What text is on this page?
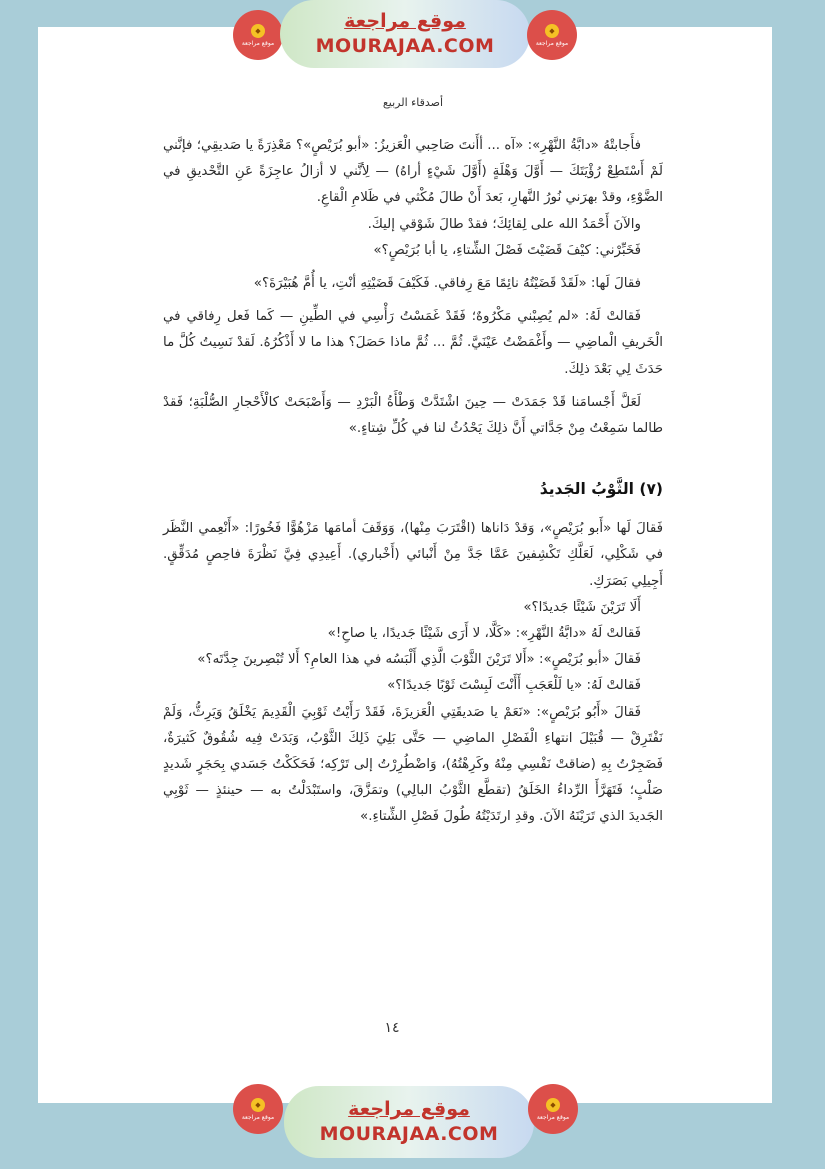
◆
موقع مراجعة
موقع مراجعة
MOURAJAA.COM
◆
موقع مراجعة
أصدقاء الربيع

فأَجابتْهُ «دابَّةُ النَّهْرِ»: «آه ... أأَنتَ صَاحِبي الْعَزيزُ: «أبو بُرَيْصٍ»؟ مَعْذِرَةً يا صَديقِي؛ فإنَّني لَمْ أَسْتَطِعْ رُؤْيَتَكَ — أَوَّلَ وَهْلَةٍ (أَوَّلَ شَيْءٍ أراهُ) — لِأنَّني لا أزالُ عاجِزَةً عَنِ التَّحْديقِ في الضَّوْءِ، وقدْ بهرَني نُورُ النَّهارِ، بَعدَ أَنْ طالَ مُكْثي في ظَلامِ الْقاعِ.

والآنَ أَحْمَدُ الله على لِقائِكَ؛ فقدْ طالَ شَوْقي إليكَ.

فَخَبِّرْني: كيْفَ قَضَيْتَ فَصْلَ الشِّتاءِ، يا أبا بُرَيْصٍ؟»

فقالَ لَها: «لَقَدْ قَضَيْتُهُ نائِمًا مَعَ رِفاقي. فَكَيْفَ قَضَيْتِهِ أنْتِ، يا أُمَّ هُبَيْرَةَ؟»

فَقالتْ لَهُ: «لم يُصِبْني مَكْرُوهٌ؛ فَقَدْ غَمَسْتُ رَأْسِي في الطِّينِ — كَما فَعل رِفاقي في الْخَريفِ الْماضِي — وأَغْمَضْتُ عَيْنَيَّ. ثُمَّ ... ثُمَّ ماذا حَصَلَ؟ هذا ما لا أَذْكُرُهُ. لَقدْ نَسِيتُ كُلَّ ما حَدَثَ لِي بَعْدَ ذلِكَ.

لَعَلَّ أَجْسامَنا قَدْ جَمَدَتْ — حِينَ اشْتَدَّتْ وَطْأَةُ الْبَرْدِ — وَأَصْبَحَتْ كالْأَحْجارِ الصُّلْبَةِ؛ فَقدْ طالما سَمِعْتُ مِنْ جَدَّاتي أَنَّ ذلِكَ يَحْدُثُ لنا في كُلِّ شِتاءٍ.»

(٧) الثَّوْبُ الجَديدُ

فَقالَ لَها «أَبو بُرَيْصٍ»، وَقدْ دَاناها (اقْتَرَبَ مِنْها)، وَوَقَفَ أمامَها مَزْهُوًّا فَخُورًا: «أَنْعِمي النَّظَر في شَكْلِي، لَعَلَّكِ تَكْشِفينَ عَمَّا جَدَّ مِنْ أَنْبائي (أَخْباري). أَعِيدِي فِيَّ نَظْرَةَ فاحِصٍ مُدَقِّقٍ. أَجِيلِي بَصَرَكِ.

أَلَا تَرَيْنَ شَيْئًا جَديدًا؟»

فَقالتْ لَهُ «دابَّةُ النَّهْرِ»: «كَلَّا، لا أَرَى شَيْئًا جَديدًا، يا صاحِ!»

فَقالَ «أبو بُرَيْصٍ»: «أَلا تَرَيْنَ الثَّوْبَ الَّذِي أَلْبَسُه في هذا العامِ؟ أَلا تُبْصِرينَ جِدَّتَه؟»

فَقالتْ لَهُ: «يا لَلْعَجَبِ أَأَنْتَ لَبِسْتَ ثَوْبًا جَديدًا؟»

فَقالَ «أَبُو بُرَيْصٍ»: «نَعَمْ يا صَديقَتِي الْعَزيزَةَ، فَقَدْ رَأَيْتُ ثَوْبِيَ الْقَدِيمَ يَخْلَقُ وَيَرِثُّ، وَلَمْ نَفْتَرِقْ — قُبَيْلَ انتهاءِ الْفَصْلِ الماضِي — حَتَّى بَلِيَ ذَلِكَ الثَّوْبُ، وَبَدَتْ فِيه شُقُوقٌ كَثيرَةٌ، فَضَجِرْتُ بِهِ (ضاقتْ نَفْسِي مِنْهُ وكَرِهْتُهُ)، وَاضْطُرِرْتُ إلى تَرْكِه؛ فَحَكَكْتُ جَسَدي بِحَجَرٍ شَديدٍ صَلْبٍ؛ فَتَهَرَّأَ الرِّداءُ الخَلَقُ (تقطَّع الثَّوْبُ البالِي) وتمَزَّقَ، واستَبْدَلْتُ به — حينئذٍ — ثَوْبِي الجَديدَ الذي تَرَيْنَهُ الآنَ. وقدِ ارتَدَيْتُهُ طُولَ فَصْلِ الشِّتاءِ.»

١٤
◆
موقع مراجعة	موقع مراجعة
MOURAJAA.COM
◆
موقع مراجعة
